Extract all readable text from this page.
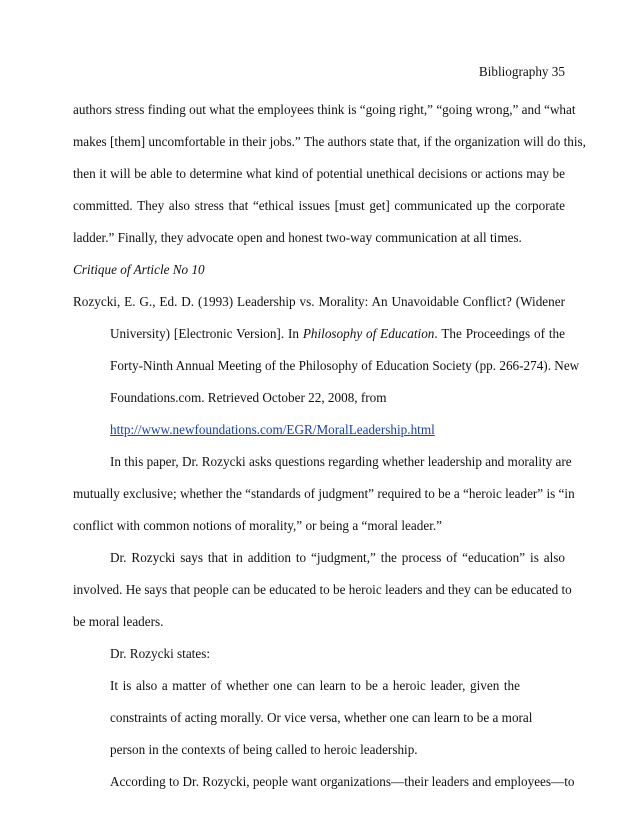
Bibliography 35
authors stress finding out what the employees think is “going right,” “going wrong,” and “what
makes [them] uncomfortable in their jobs.” The authors state that, if the organization will do this,
then it will be able to determine what kind of potential unethical decisions or actions may be
committed. They also stress that “ethical issues [must get] communicated up the corporate
ladder.” Finally, they advocate open and honest two-way communication at all times.
Critique of Article No 10
Rozycki, E. G., Ed. D. (1993) Leadership vs. Morality: An Unavoidable Conflict? (Widener
University) [Electronic Version]. In Philosophy of Education. The Proceedings of the
Forty-Ninth Annual Meeting of the Philosophy of Education Society (pp. 266-274). New
Foundations.com. Retrieved October 22, 2008, from
http://www.newfoundations.com/EGR/MoralLeadership.html
In this paper, Dr. Rozycki asks questions regarding whether leadership and morality are
mutually exclusive; whether the “standards of judgment” required to be a “heroic leader” is “in
conflict with common notions of morality,” or being a “moral leader.”
Dr. Rozycki says that in addition to “judgment,” the process of “education” is also
involved. He says that people can be educated to be heroic leaders and they can be educated to
be moral leaders.
Dr. Rozycki states:
It is also a matter of whether one can learn to be a heroic leader, given the
constraints of acting morally. Or vice versa, whether one can learn to be a moral
person in the contexts of being called to heroic leadership.
According to Dr. Rozycki, people want organizations—their leaders and employees—to
